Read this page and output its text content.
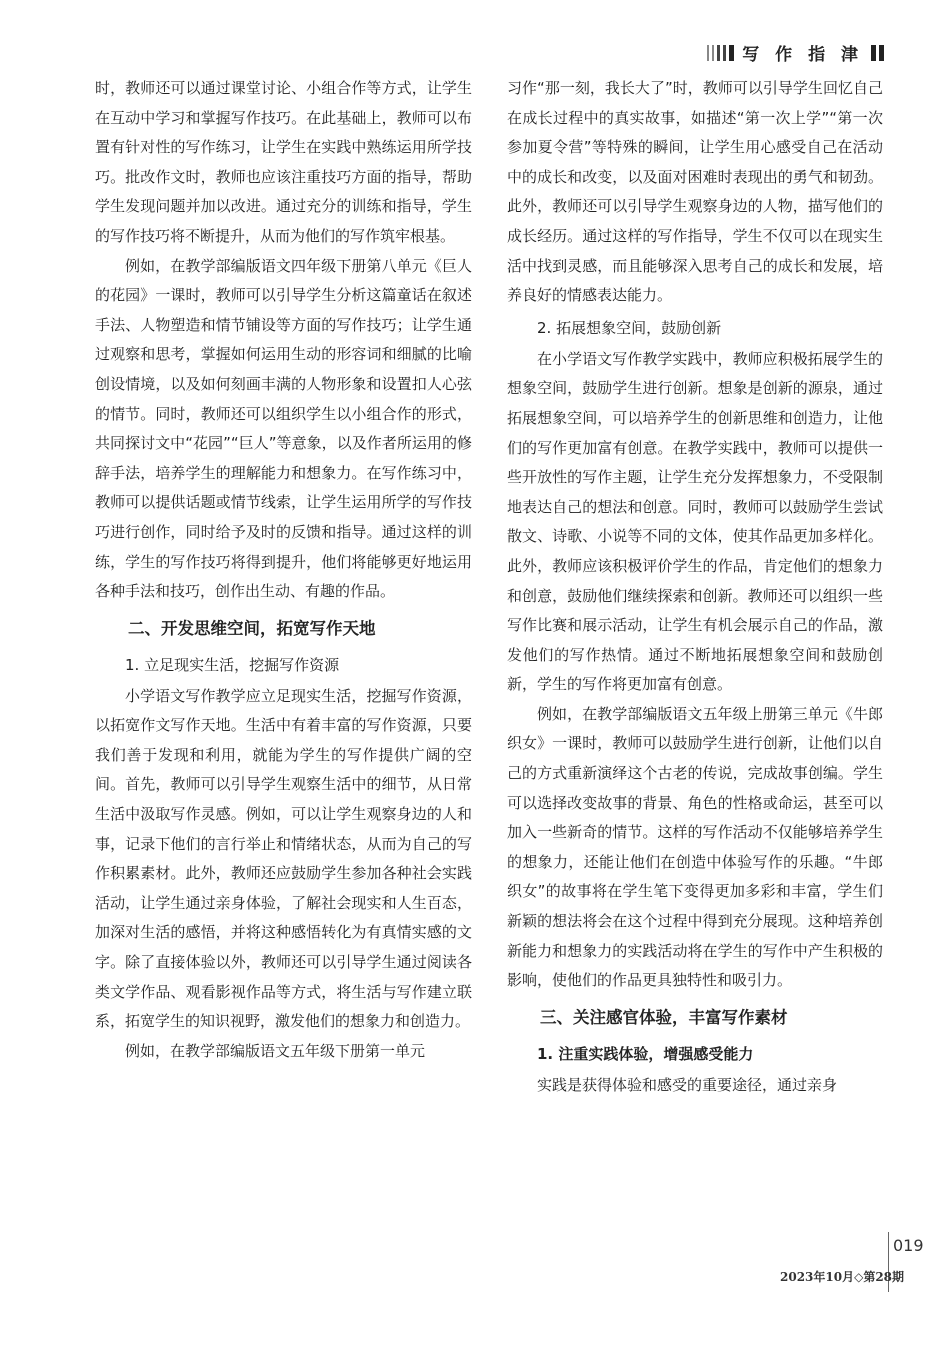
写 作 指 津

时，教师还可以通过课堂讨论、小组合作等方式，让学生在互动中学习和掌握写作技巧。在此基础上，教师可以布置有针对性的写作练习，让学生在实践中熟练运用所学技巧。批改作文时，教师也应该注重技巧方面的指导，帮助学生发现问题并加以改进。通过充分的训练和指导，学生的写作技巧将不断提升，从而为他们的写作筑牢根基。

例如，在教学部编版语文四年级下册第八单元《巨人的花园》一课时，教师可以引导学生分析这篇童话在叙述手法、人物塑造和情节铺设等方面的写作技巧；让学生通过观察和思考，掌握如何运用生动的形容词和细腻的比喻创设情境，以及如何刻画丰满的人物形象和设置扣人心弦的情节。同时，教师还可以组织学生以小组合作的形式，共同探讨文中“花园”“巨人”等意象，以及作者所运用的修辞手法，培养学生的理解能力和想象力。在写作练习中，教师可以提供话题或情节线索，让学生运用所学的写作技巧进行创作，同时给予及时的反馈和指导。通过这样的训练，学生的写作技巧将得到提升，他们将能够更好地运用各种手法和技巧，创作出生动、有趣的作品。

二、开发思维空间，拓宽写作天地
1. 立足现实生活，挖掘写作资源

小学语文写作教学应立足现实生活，挖掘写作资源，以拓宽作文写作天地。生活中有着丰富的写作资源，只要我们善于发现和利用，就能为学生的写作提供广阔的空间。首先，教师可以引导学生观察生活中的细节，从日常生活中汲取写作灵感。例如，可以让学生观察身边的人和事，记录下他们的言行举止和情绪状态，从而为自己的写作积累素材。此外，教师还应鼓励学生参加各种社会实践活动，让学生通过亲身体验，了解社会现实和人生百态，加深对生活的感悟，并将这种感悟转化为有真情实感的文字。除了直接体验以外，教师还可以引导学生通过阅读各类文学作品、观看影视作品等方式，将生活与写作建立联系，拓宽学生的知识视野，激发他们的想象力和创造力。

例如，在教学部编版语文五年级下册第一单元

习作“那一刻，我长大了”时，教师可以引导学生回忆自己在成长过程中的真实故事，如描述“第一次上学”“第一次参加夏令营”等特殊的瞬间，让学生用心感受自己在活动中的成长和改变，以及面对困难时表现出的勇气和韧劲。此外，教师还可以引导学生观察身边的人物，描写他们的成长经历。通过这样的写作指导，学生不仅可以在现实生活中找到灵感，而且能够深入思考自己的成长和发展，培养良好的情感表达能力。

2. 拓展想象空间，鼓励创新

在小学语文写作教学实践中，教师应积极拓展学生的想象空间，鼓励学生进行创新。想象是创新的源泉，通过拓展想象空间，可以培养学生的创新思维和创造力，让他们的写作更加富有创意。在教学实践中，教师可以提供一些开放性的写作主题，让学生充分发挥想象力，不受限制地表达自己的想法和创意。同时，教师可以鼓励学生尝试散文、诗歌、小说等不同的文体，使其作品更加多样化。此外，教师应该积极评价学生的作品，肯定他们的想象力和创意，鼓励他们继续探索和创新。教师还可以组织一些写作比赛和展示活动，让学生有机会展示自己的作品，激发他们的写作热情。通过不断地拓展想象空间和鼓励创新，学生的写作将更加富有创意。

例如，在教学部编版语文五年级上册第三单元《牛郎织女》一课时，教师可以鼓励学生进行创新，让他们以自己的方式重新演绎这个古老的传说，完成故事创编。学生可以选择改变故事的背景、角色的性格或命运，甚至可以加入一些新奇的情节。这样的写作活动不仅能够培养学生的想象力，还能让他们在创造中体验写作的乐趣。“牛郎织女”的故事将在学生笔下变得更加多彩和丰富，学生们新颖的想法将会在这个过程中得到充分展现。这种培养创新能力和想象力的实践活动将在学生的写作中产生积极的影响，使他们的作品更具独特性和吸引力。

三、关注感官体验，丰富写作素材
1. 注重实践体验，增强感受能力

实践是获得体验和感受的重要途径，通过亲身

019
2023年10月◇第28期
